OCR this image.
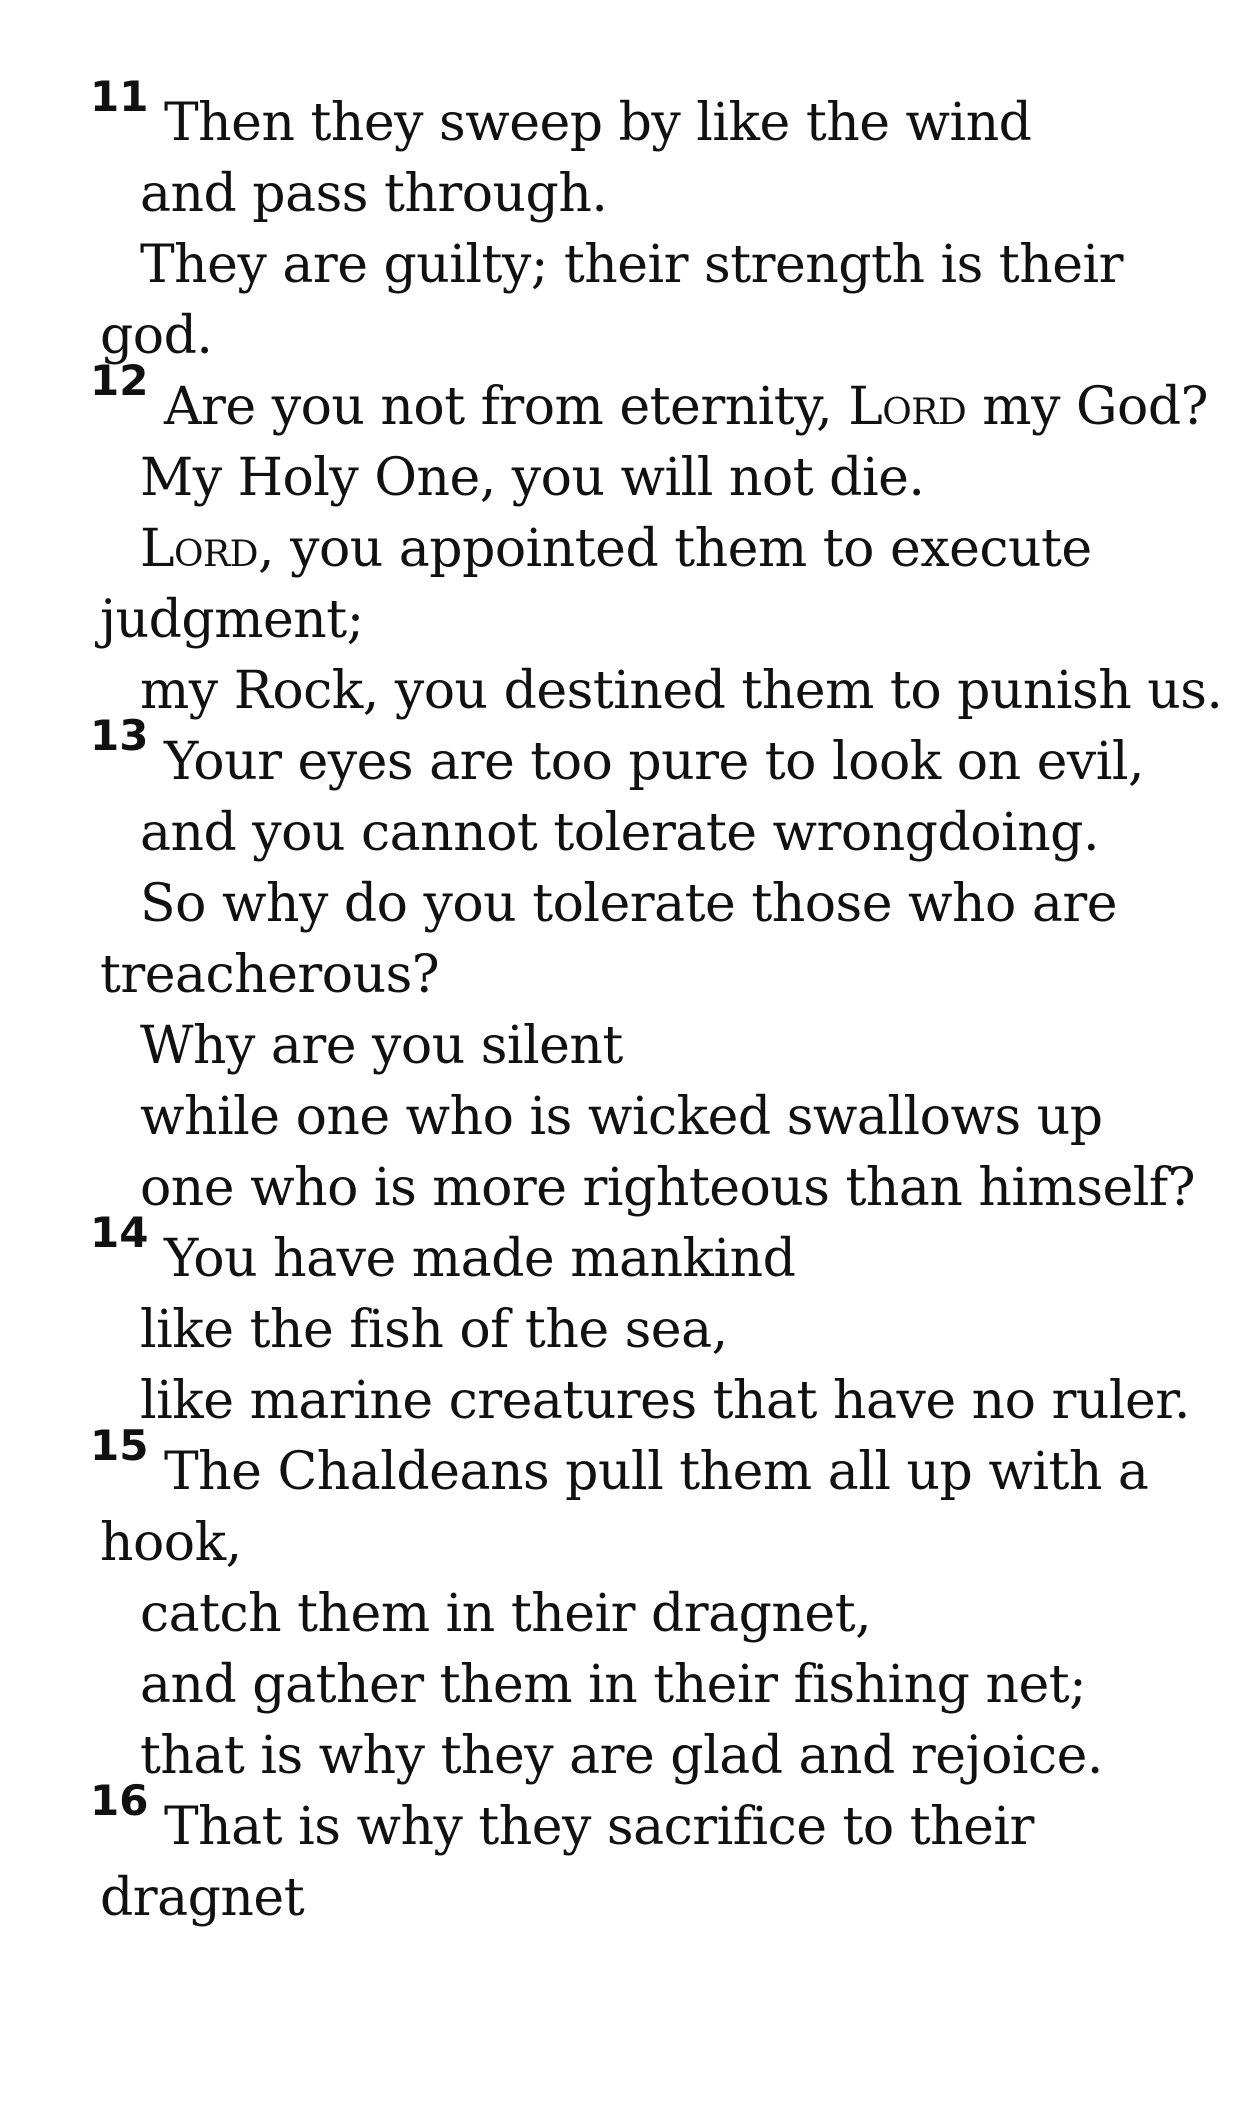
11 Then they sweep by like the wind
and pass through.
They are guilty; their strength is their
god.
12 Are you not from eternity, Lord my God?
My Holy One, you will not die.
Lord, you appointed them to execute
judgment;
my Rock, you destined them to punish us.
13 Your eyes are too pure to look on evil,
and you cannot tolerate wrongdoing.
So why do you tolerate those who are
treacherous?
Why are you silent
while one who is wicked swallows up
one who is more righteous than himself?
14 You have made mankind
like the fish of the sea,
like marine creatures that have no ruler.
15 The Chaldeans pull them all up with a
hook,
catch them in their dragnet,
and gather them in their fishing net;
that is why they are glad and rejoice.
16 That is why they sacrifice to their
dragnet
